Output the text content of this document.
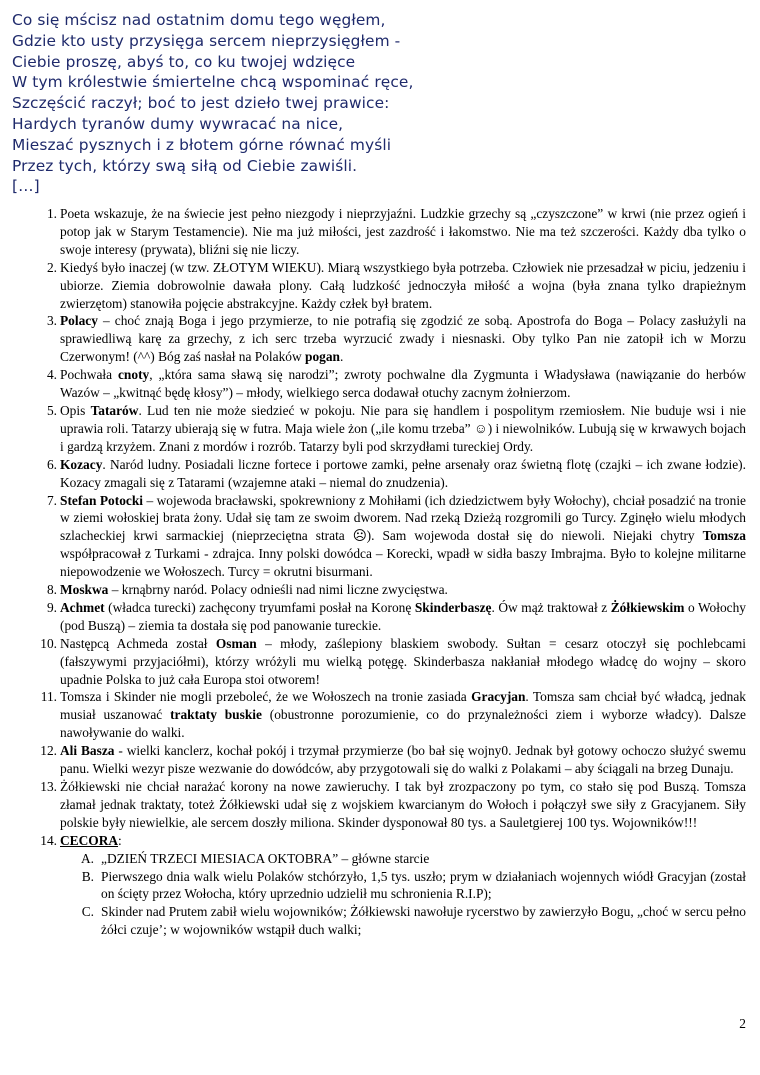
Co się mścisz nad ostatnim domu tego węgłem,
Gdzie kto usty przysięga sercem nieprzysięgłem -
Ciebie proszę, abyś to, co ku twojej wdzięce
W tym królestwie śmiertelne chcą wspominać ręce,
Szczęścić raczył; boć to jest dzieło twej prawice:
Hardych tyranów dumy wywracać na nice,
Mieszać pysznych i z błotem górne równać myśli
Przez tych, którzy swą siłą od Ciebie zawiśli.
[…]
1. Poeta wskazuje, że na świecie jest pełno niezgody i nieprzyjaźni. Ludzkie grzechy są „czyszczone” w krwi (nie przez ogień i potop jak w Starym Testamencie). Nie ma już miłości, jest zazdrość i łakomstwo. Nie ma też szczerości. Każdy dba tylko o swoje interesy (prywata), bliźni się nie liczy.
2. Kiedyś było inaczej (w tzw. ZŁOTYM WIEKU). Miarą wszystkiego była potrzeba. Człowiek nie przesadzał w piciu, jedzeniu i ubiorze. Ziemia dobrowolnie dawała plony. Całą ludzkość jednoczyła miłość a wojna (była znana tylko drapieżnym zwierzętom) stanowiła pojęcie abstrakcyjne. Każdy człek był bratem.
3. Polacy – choć znają Boga i jego przymierze, to nie potrafią się zgodzić ze sobą. Apostrofa do Boga – Polacy zasłużyli na sprawiedliwą karę za grzechy, z ich serc trzeba wyrzucić zwady i niesnaski. Oby tylko Pan nie zatopił ich w Morzu Czerwonym! (^^) Bóg zaś nasłał na Polaków pogan.
4. Pochwała cnoty, „która sama sławą się narodzi”; zwroty pochwalne dla Zygmunta i Władysława (nawiązanie do herbów Wazów – „kwitnąć będę kłosy”) – młody, wielkiego serca dodawał otuchy zacnym żołnierzom.
5. Opis Tatarów. Lud ten nie może siedzieć w pokoju. Nie para się handlem i pospolitym rzemiosłem. Nie buduje wsi i nie uprawia roli. Tatarzy ubierają się w futra. Maja wiele żon („ile komu trzeba” ☺) i niewolników. Lubują się w krwawych bojach i gardzą krzyżem. Znani z mordów i rozrób. Tatarzy byli pod skrzydłami tureckiej Ordy.
6. Kozacy. Naród ludny. Posiadali liczne fortece i portowe zamki, pełne arsenały oraz świetną flotę (czajki – ich zwane łodzie). Kozacy zmagali się z Tatarami (wzajemne ataki – niemal do znudzenia).
7. Stefan Potocki – wojewoda bracławski, spokrewniony z Mohiłami (ich dziedzictwem były Wołochy), chciał posadzić na tronie w ziemi wołoskiej brata żony. Udał się tam ze swoim dworem. Nad rzeką Dzieżą rozgromili go Turcy. Zginęło wielu młodych szlacheckiej krwi sarmackiej (nieprzeciętna strata ☹). Sam wojewoda dostał się do niewoli. Niejaki chytry Tomsza współpracował z Turkami - zdrajca. Inny polski dowódca – Korecki, wpadł w sidła baszy Imbrajma. Było to kolejne militarne niepowodzenie we Wołoszech. Turcy = okrutni bisurmani.
8. Moskwa – krnąbrny naród. Polacy odnieśli nad nimi liczne zwycięstwa.
9. Achmet (władca turecki) zachęcony tryumfami posłał na Koronę Skinderbaszę. Ów mąż traktował z Żółkiewskim o Wołochy (pod Buszą) – ziemia ta dostała się pod panowanie tureckie.
10. Następcą Achmeda został Osman – młody, zaślepiony blaskiem swobody. Sułtan = cesarz otoczył się pochlebcami (fałszywymi przyjaciółmi), którzy wróżyli mu wielką potęgę. Skinderbasza nakłaniał młodego władcę do wojny – skoro upadnie Polska to już cała Europa stoi otworem!
11. Tomsza i Skinder nie mogli przeboleć, że we Wołoszech na tronie zasiada Gracyjan. Tomsza sam chciał być władcą, jednak musiał uszanować traktaty buskie (obustronne porozumienie, co do przynależności ziem i wyborze władcy). Dalsze nawoływanie do walki.
12. Ali Basza - wielki kanclerz, kochał pokój i trzymał przymierze (bo bał się wojny0. Jednak był gotowy ochoczo służyć swemu panu. Wielki wezyr pisze wezwanie do dowódców, aby przygotowali się do walki z Polakami – aby ściągali na brzeg Dunaju.
13. Żółkiewski nie chciał narażać korony na nowe zawieruchy. I tak był zrozpaczony po tym, co stało się pod Buszą. Tomsza złamał jednak traktaty, toteż Żółkiewski udał się z wojskiem kwarcianym do Wołoch i połączył swe siły z Gracyjanem. Siły polskie były niewielkie, ale sercem doszły miliona. Skinder dysponował 80 tys. a Sauletgierej 100 tys. Wojowników!!!
14. CECORA:
A. „DZIEŃ TRZECI MIESIACA OKTOBRA” – główne starcie
B. Pierwszego dnia walk wielu Polaków stchórzyło, 1,5 tys. uszło; prym w działaniach wojennych wiódł Gracyjan (został on ścięty przez Wołocha, który uprzednio udzielił mu schronienia R.I.P);
C. Skinder nad Prutem zabił wielu wojowników; Żółkiewski nawołuje rycerstwo by zawierzyło Bogu, „choć w sercu pełno żółci czuje’; w wojowników wstąpił duch walki;
2
